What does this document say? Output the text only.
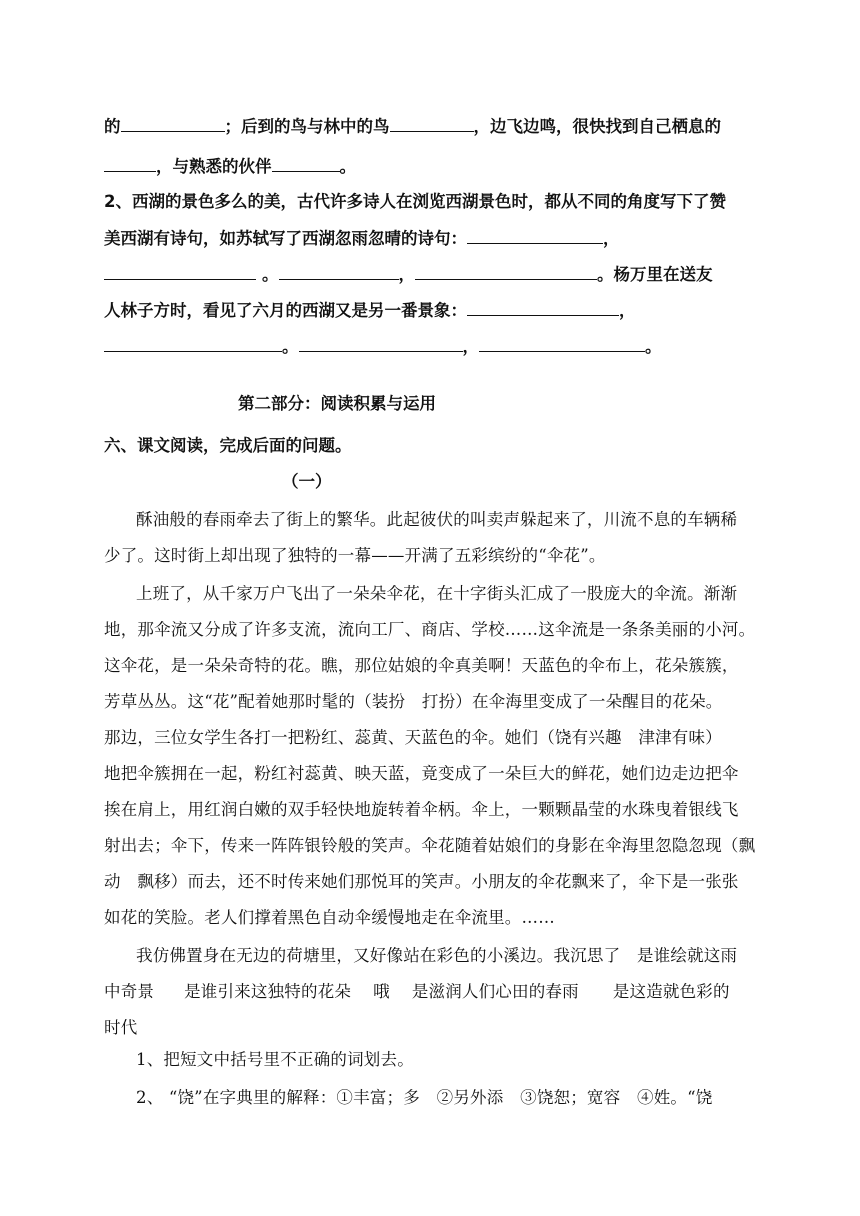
的	；后到的鸟与林中的鸟	，边飞边鸣，很快找到自己栖息的
，与熟悉的伙伴	。
2、西湖的景色多么的美，古代许多诗人在浏览西湖景色时，都从不同的角度写下了赞
美西湖有诗句，如苏轼写了西湖忽雨忽晴的诗句：	，
。	，	。杨万里在送友
人林子方时，看见了六月的西湖又是另一番景象：	，
。	，	。
第二部分：阅读积累与运用
六、课文阅读，完成后面的问题。
（一）
酥油般的春雨牵去了街上的繁华。此起彼伏的叫卖声躲起来了，川流不息的车辆稀
少了。这时街上却出现了独特的一幕——开满了五彩缤纷的“伞花”。
上班了，从千家万户飞出了一朵朵伞花，在十字街头汇成了一股庞大的伞流。渐渐
地，那伞流又分成了许多支流，流向工厂、商店、学校……这伞流是一条条美丽的小河。
这伞花，是一朵朵奇特的花。瞧，那位姑娘的伞真美啊！天蓝色的伞布上，花朵簇簇，
芳草丛丛。这“花”配着她那时髦的（装扮　打扮）在伞海里变成了一朵醒目的花朵。
那边，三位女学生各打一把粉红、蕊黄、天蓝色的伞。她们（饶有兴趣　津津有味）
地把伞簇拥在一起，粉红衬蕊黄、映天蓝，竟变成了一朵巨大的鲜花，她们边走边把伞
挨在肩上，用红润白嫩的双手轻快地旋转着伞柄。伞上，一颗颗晶莹的水珠曳着银线飞
射出去；伞下，传来一阵阵银铃般的笑声。伞花随着姑娘们的身影在伞海里忽隐忽现（飘
动　飘移）而去，还不时传来她们那悦耳的笑声。小朋友的伞花飘来了，伞下是一张张
如花的笑脸。老人们撑着黑色自动伞缓慢地走在伞流里。……
我仿佛置身在无边的荷塘里，又好像站在彩色的小溪边。我沉思了　是谁绘就这雨
中奇景 是谁引来这独特的花朵 哦 是滋润人们心田的春雨 是这造就色彩的
时代
1、把短文中括号里不正确的词划去。
2、 “饶”在字典里的解释：①丰富；多　②另外添　③饶恕；宽容　④姓。“饶
